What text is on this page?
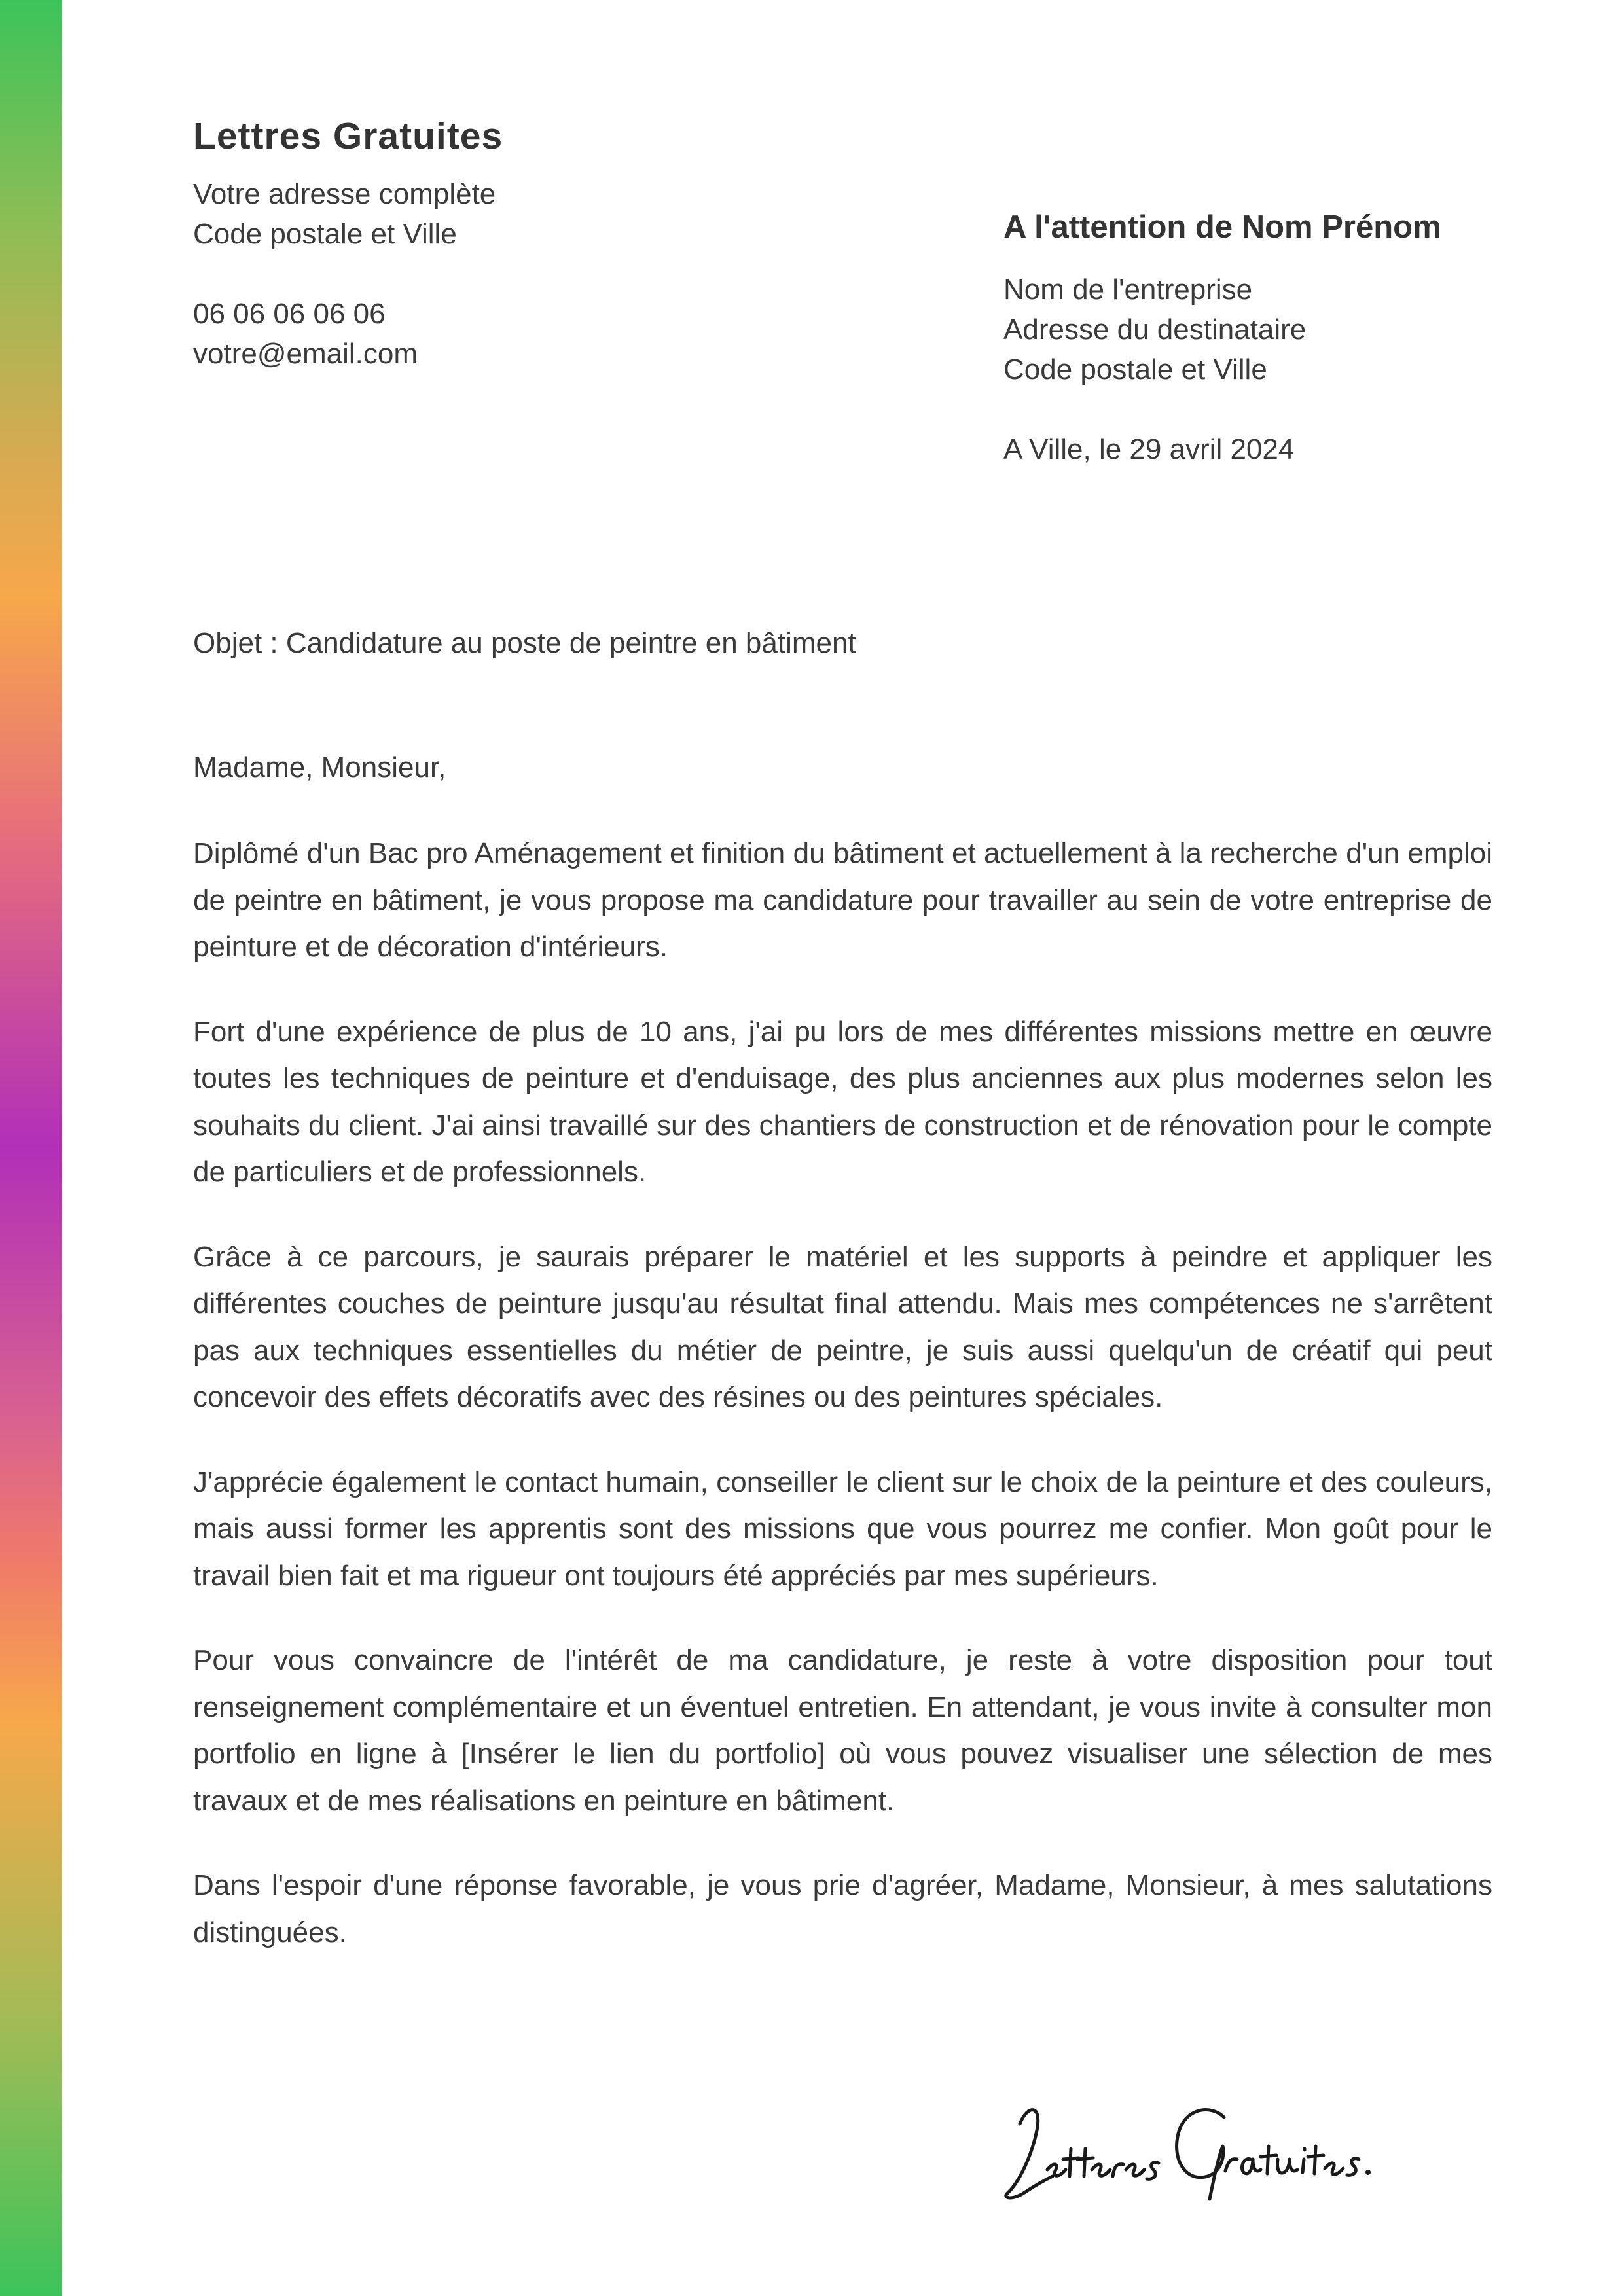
Lettres Gratuites
Votre adresse complète
Code postale et Ville
06 06 06 06 06
votre@email.com
A l'attention de Nom Prénom
Nom de l'entreprise
Adresse du destinataire
Code postale et Ville
A Ville, le 29 avril 2024
Objet : Candidature au poste de peintre en bâtiment
Madame, Monsieur,

Diplômé d'un Bac pro Aménagement et finition du bâtiment et actuellement à la recherche d'un emploi de peintre en bâtiment, je vous propose ma candidature pour travailler au sein de votre entreprise de peinture et de décoration d'intérieurs.

Fort d'une expérience de plus de 10 ans, j'ai pu lors de mes différentes missions mettre en œuvre toutes les techniques de peinture et d'enduisage, des plus anciennes aux plus modernes selon les souhaits du client. J'ai ainsi travaillé sur des chantiers de construction et de rénovation pour le compte de particuliers et de professionnels.

Grâce à ce parcours, je saurais préparer le matériel et les supports à peindre et appliquer les différentes couches de peinture jusqu'au résultat final attendu. Mais mes compétences ne s'arrêtent pas aux techniques essentielles du métier de peintre, je suis aussi quelqu'un de créatif qui peut concevoir des effets décoratifs avec des résines ou des peintures spéciales.

J'apprécie également le contact humain, conseiller le client sur le choix de la peinture et des couleurs, mais aussi former les apprentis sont des missions que vous pourrez me confier. Mon goût pour le travail bien fait et ma rigueur ont toujours été appréciés par mes supérieurs.

Pour vous convaincre de l'intérêt de ma candidature, je reste à votre disposition pour tout renseignement complémentaire et un éventuel entretien. En attendant, je vous invite à consulter mon portfolio en ligne à [Insérer le lien du portfolio] où vous pouvez visualiser une sélection de mes travaux et de mes réalisations en peinture en bâtiment.

Dans l'espoir d'une réponse favorable, je vous prie d'agréer, Madame, Monsieur, à mes salutations distinguées.
